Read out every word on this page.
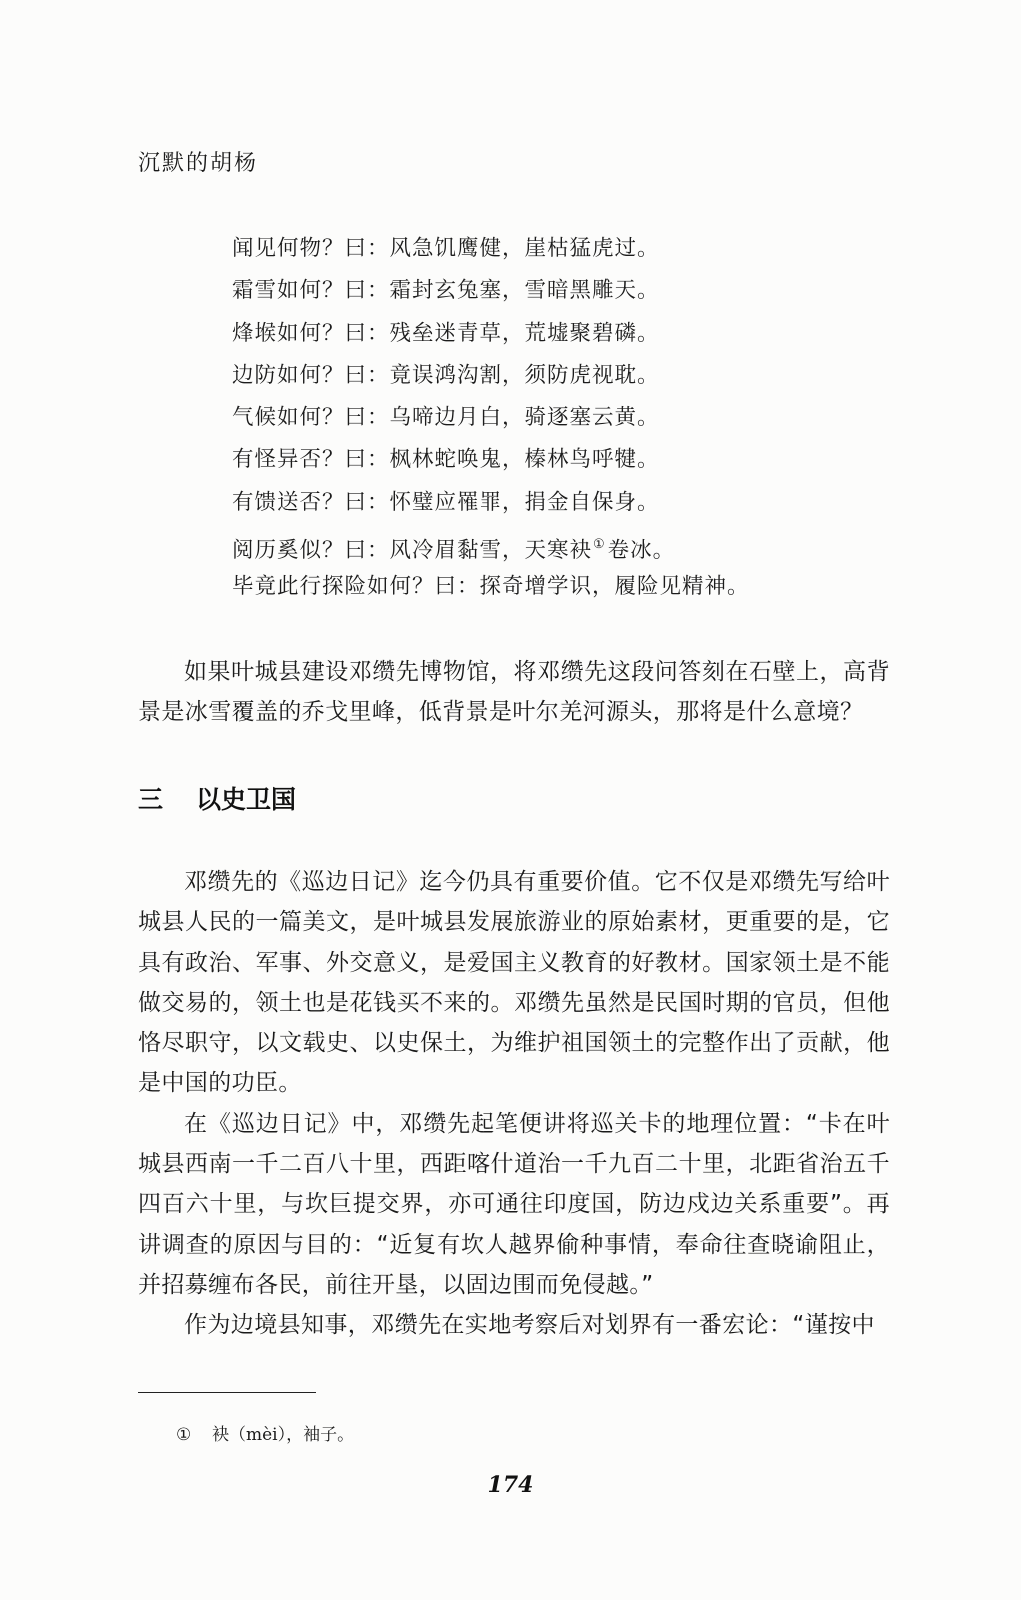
沉默的胡杨
闻见何物？曰：风急饥鹰健，崖枯猛虎过。
霜雪如何？曰：霜封玄兔塞，雪暗黑雕天。
烽堠如何？曰：残垒迷青草，荒墟聚碧磷。
边防如何？曰：竟误鸿沟割，须防虎视耽。
气候如何？曰：乌啼边月白，骑逐塞云黄。
有怪异否？曰：枫林蛇唤鬼，榛林鸟呼犍。
有馈送否？曰：怀璧应罹罪，捐金自保身。
阅历奚似？曰：风冷眉黏雪，天寒袂①卷冰。
毕竟此行探险如何？曰：探奇增学识，履险见精神。

如果叶城县建设邓缵先博物馆，将邓缵先这段问答刻在石壁上，高背景是冰雪覆盖的乔戈里峰，低背景是叶尔羌河源头，那将是什么意境？

三 以史卫国

邓缵先的《巡边日记》迄今仍具有重要价值。它不仅是邓缵先写给叶城县人民的一篇美文，是叶城县发展旅游业的原始素材，更重要的是，它具有政治、军事、外交意义，是爱国主义教育的好教材。国家领土是不能做交易的，领土也是花钱买不来的。邓缵先虽然是民国时期的官员，但他恪尽职守，以文载史、以史保土，为维护祖国领土的完整作出了贡献，他是中国的功臣。

在《巡边日记》中，邓缵先起笔便讲将巡关卡的地理位置：“卡在叶城县西南一千二百八十里，西距喀什道治一千九百二十里，北距省治五千四百六十里，与坎巨提交界，亦可通往印度国，防边戍边关系重要”。再讲调查的原因与目的：“近复有坎人越界偷种事情，奉命往查晓谕阻止，并招募缠布各民，前往开垦，以固边围而免侵越。”

作为边境县知事，邓缵先在实地考察后对划界有一番宏论：“谨按中

① 袂（mèi），袖子。
174
